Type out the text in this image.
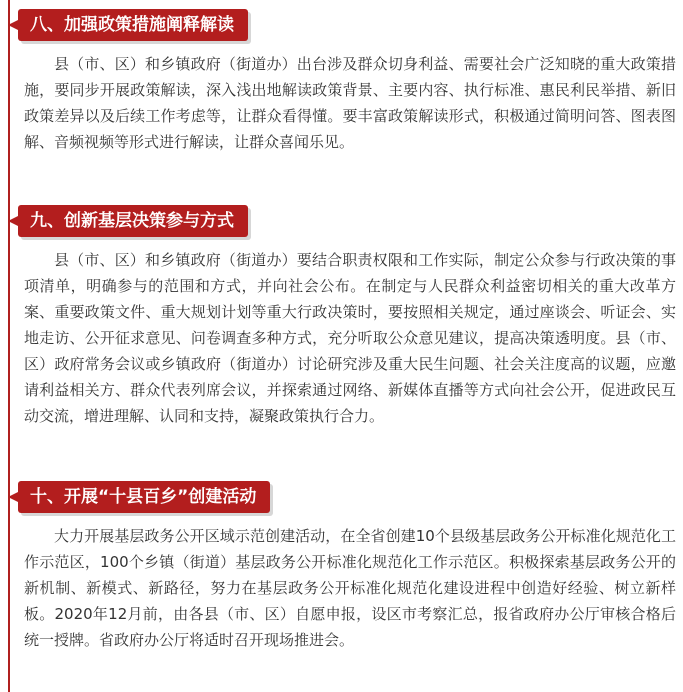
八、加强政策措施阐释解读

县（市、区）和乡镇政府（街道办）出台涉及群众切身利益、需要社会广泛知晓的重大政策措施，要同步开展政策解读，深入浅出地解读政策背景、主要内容、执行标准、惠民利民举措、新旧政策差异以及后续工作考虑等，让群众看得懂。要丰富政策解读形式，积极通过简明问答、图表图解、音频视频等形式进行解读，让群众喜闻乐见。

九、创新基层决策参与方式

县（市、区）和乡镇政府（街道办）要结合职责权限和工作实际，制定公众参与行政决策的事项清单，明确参与的范围和方式，并向社会公布。在制定与人民群众利益密切相关的重大改革方案、重要政策文件、重大规划计划等重大行政决策时，要按照相关规定，通过座谈会、听证会、实地走访、公开征求意见、问卷调查多种方式，充分听取公众意见建议，提高决策透明度。县（市、区）政府常务会议或乡镇政府（街道办）讨论研究涉及重大民生问题、社会关注度高的议题，应邀请利益相关方、群众代表列席会议，并探索通过网络、新媒体直播等方式向社会公开，促进政民互动交流，增进理解、认同和支持，凝聚政策执行合力。

十、开展“十县百乡”创建活动

大力开展基层政务公开区域示范创建活动，在全省创建10个县级基层政务公开标准化规范化工作示范区，100个乡镇（街道）基层政务公开标准化规范化工作示范区。积极探索基层政务公开的新机制、新模式、新路径，努力在基层政务公开标准化规范化建设进程中创造好经验、树立新样板。2020年12月前，由各县（市、区）自愿申报，设区市考察汇总，报省政府办公厅审核合格后统一授牌。省政府办公厅将适时召开现场推进会。
